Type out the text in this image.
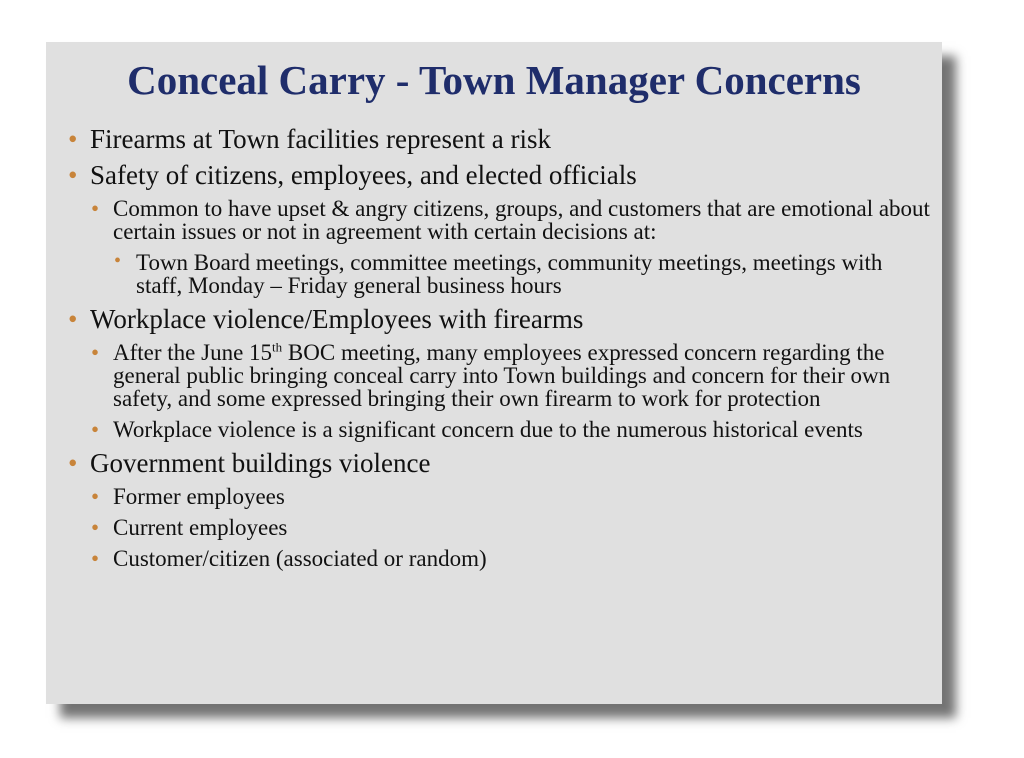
Conceal Carry - Town Manager Concerns
• Firearms at Town facilities represent a risk
• Safety of citizens, employees, and elected officials
• Common to have upset & angry citizens, groups, and customers that are emotional about certain issues or not in agreement with certain decisions at:
• Town Board meetings, committee meetings, community meetings, meetings with staff, Monday – Friday general business hours
• Workplace violence/Employees with firearms
• After the June 15th BOC meeting, many employees expressed concern regarding the general public bringing conceal carry into Town buildings and concern for their own safety, and some expressed bringing their own firearm to work for protection
• Workplace violence is a significant concern due to the numerous historical events
• Government buildings violence
• Former employees
• Current employees
• Customer/citizen (associated or random)
